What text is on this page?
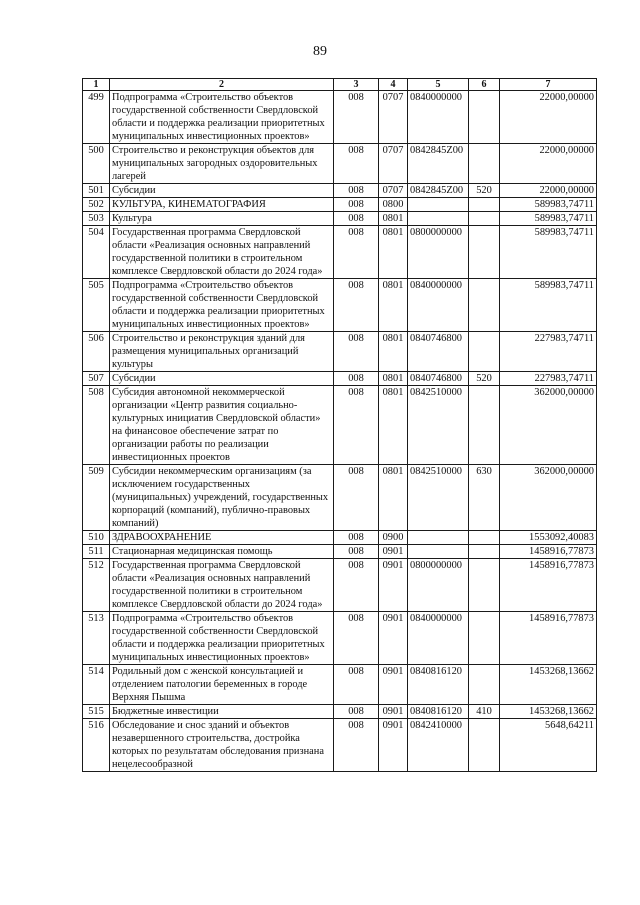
89
1	2	3	4	5	6	7
499	Подпрограмма «Строительство объектов государственной собственности Свердловской области и поддержка реализации приоритетных муниципальных инвестиционных проектов»	008	0707	0840000000		22000,00000
500	Строительство и реконструкция объектов для муниципальных загородных оздоровительных лагерей	008	0707	0842845Z00		22000,00000
501	Субсидии	008	0707	0842845Z00	520	22000,00000
502	КУЛЬТУРА, КИНЕМАТОГРАФИЯ	008	0800			589983,74711
503	Культура	008	0801			589983,74711
504	Государственная программа Свердловской области «Реализация основных направлений государственной политики в строительном комплексе Свердловской области до 2024 года»	008	0801	0800000000		589983,74711
505	Подпрограмма «Строительство объектов государственной собственности Свердловской области и поддержка реализации приоритетных муниципальных инвестиционных проектов»	008	0801	0840000000		589983,74711
506	Строительство и реконструкция зданий для размещения муниципальных организаций культуры	008	0801	0840746800		227983,74711
507	Субсидии	008	0801	0840746800	520	227983,74711
508	Субсидия автономной некоммерческой организации «Центр развития социально-культурных инициатив Свердловской области» на финансовое обеспечение затрат по организации работы по реализации инвестиционных проектов	008	0801	0842510000		362000,00000
509	Субсидии некоммерческим организациям (за исключением государственных (муниципальных) учреждений, государственных корпораций (компаний), публично-правовых компаний)	008	0801	0842510000	630	362000,00000
510	ЗДРАВООХРАНЕНИЕ	008	0900			1553092,40083
511	Стационарная медицинская помощь	008	0901			1458916,77873
512	Государственная программа Свердловской области «Реализация основных направлений государственной политики в строительном комплексе Свердловской области до 2024 года»	008	0901	0800000000		1458916,77873
513	Подпрограмма «Строительство объектов государственной собственности Свердловской области и поддержка реализации приоритетных муниципальных инвестиционных проектов»	008	0901	0840000000		1458916,77873
514	Родильный дом с женской консультацией и отделением патологии беременных в городе Верхняя Пышма	008	0901	0840816120		1453268,13662
515	Бюджетные инвестиции	008	0901	0840816120	410	1453268,13662
516	Обследование и снос зданий и объектов незавершенного строительства, достройка которых по результатам обследования признана нецелесообразной	008	0901	0842410000		5648,64211
